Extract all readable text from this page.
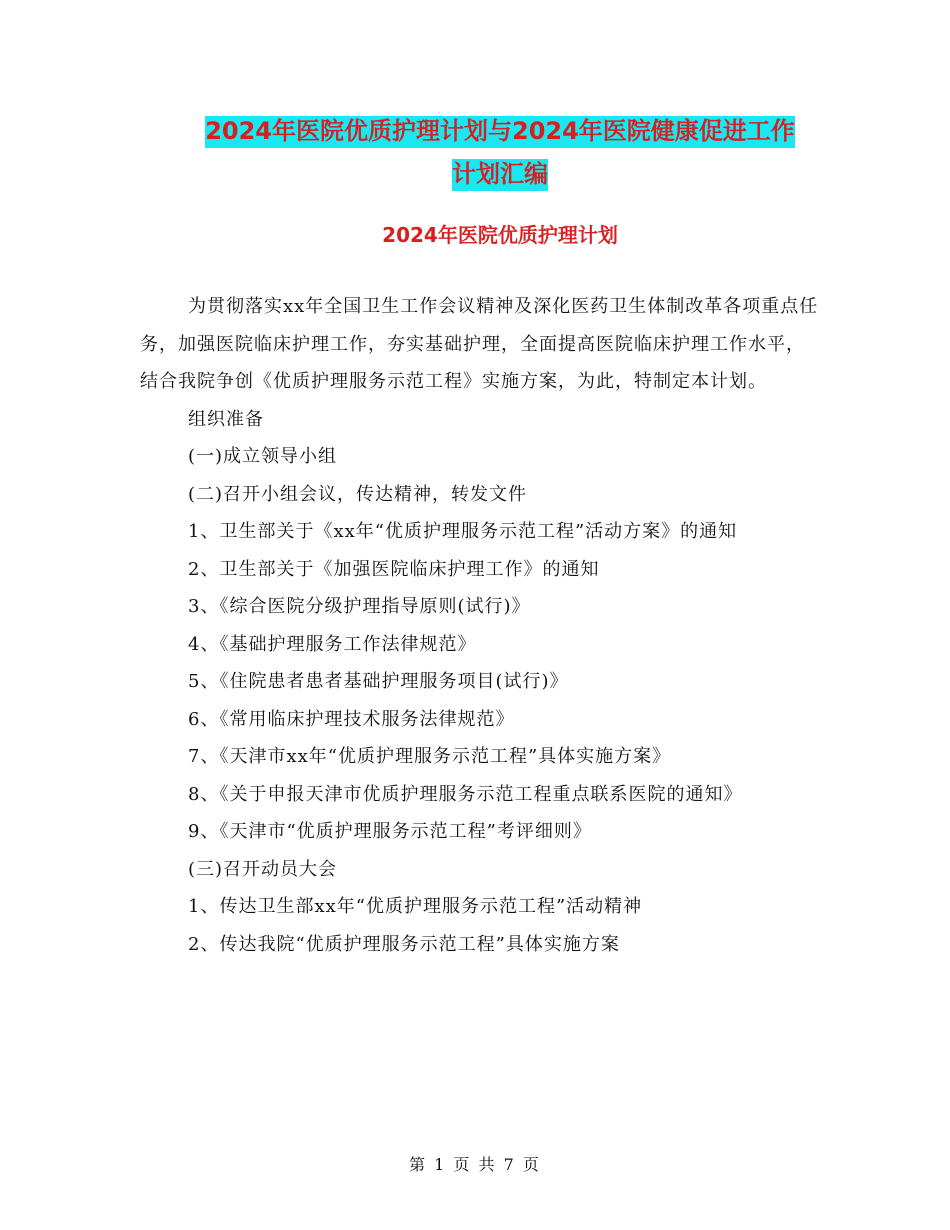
2024年医院优质护理计划与2024年医院健康促进工作
计划汇编
2024年医院优质护理计划

为贯彻落实xx年全国卫生工作会议精神及深化医药卫生体制改革各项重点任务，加强医院临床护理工作，夯实基础护理，全面提高医院临床护理工作水平，结合我院争创《优质护理服务示范工程》实施方案，为此，特制定本计划。

组织准备

(一)成立领导小组

(二)召开小组会议，传达精神，转发文件

1、卫生部关于《xx年“优质护理服务示范工程”活动方案》的通知

2、卫生部关于《加强医院临床护理工作》的通知

3、《综合医院分级护理指导原则(试行)》

4、《基础护理服务工作法律规范》

5、《住院患者患者基础护理服务项目(试行)》

6、《常用临床护理技术服务法律规范》

7、《天津市xx年“优质护理服务示范工程”具体实施方案》

8、《关于申报天津市优质护理服务示范工程重点联系医院的通知》

9、《天津市“优质护理服务示范工程”考评细则》

(三)召开动员大会

1、传达卫生部xx年“优质护理服务示范工程”活动精神

2、传达我院“优质护理服务示范工程”具体实施方案

第 1 页 共 7 页
